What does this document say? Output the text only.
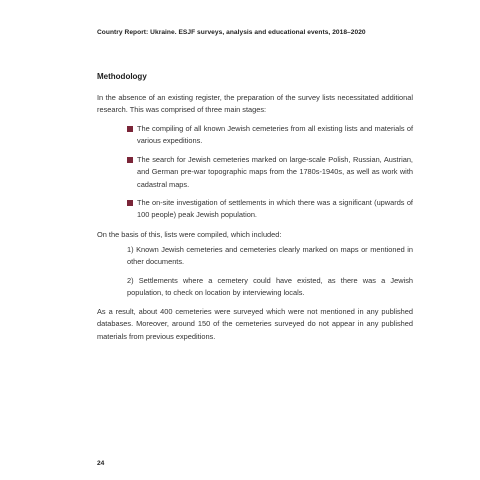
Country Report: Ukraine. ESJF surveys, analysis and educational events, 2018–2020
Methodology

In the absence of an existing register, the preparation of the survey lists necessitated additional research. This was comprised of three main stages:

The compiling of all known Jewish cemeteries from all existing lists and materials of various expeditions.

The search for Jewish cemeteries marked on large-scale Polish, Russian, Austrian, and German pre-war topographic maps from the 1780s-1940s, as well as work with cadastral maps.

The on-site investigation of settlements in which there was a significant (upwards of 100 people) peak Jewish population.

On the basis of this, lists were compiled, which included:

1) Known Jewish cemeteries and cemeteries clearly marked on maps or mentioned in other documents.

2) Settlements where a cemetery could have existed, as there was a Jewish population, to check on location by interviewing locals.

As a result, about 400 cemeteries were surveyed which were not mentioned in any published databases. Moreover, around 150 of the cemeteries surveyed do not appear in any published materials from previous expeditions.

24
